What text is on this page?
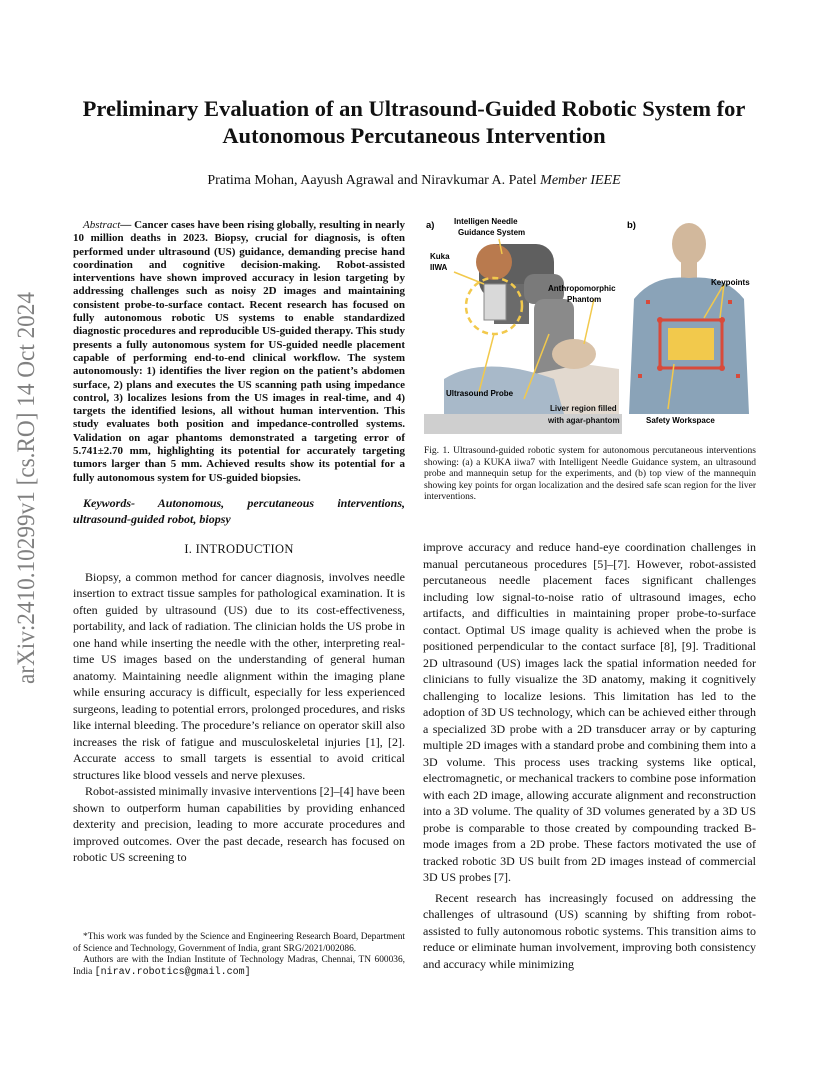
arXiv:2410.10299v1 [cs.RO] 14 Oct 2024
Preliminary Evaluation of an Ultrasound-Guided Robotic System for
Autonomous Percutaneous Intervention
Pratima Mohan, Aayush Agrawal and Niravkumar A. Patel Member IEEE

Abstract— Cancer cases have been rising globally, resulting in nearly 10 million deaths in 2023. Biopsy, crucial for diagnosis, is often performed under ultrasound (US) guidance, demanding precise hand coordination and cognitive decision-making. Robot-assisted interventions have shown improved accuracy in lesion targeting by addressing challenges such as noisy 2D images and maintaining consistent probe-to-surface contact. Recent research has focused on fully autonomous robotic US systems to enable standardized diagnostic procedures and reproducible US-guided therapy. This study presents a fully autonomous system for US-guided needle placement capable of performing end-to-end clinical workflow. The system autonomously: 1) identifies the liver region on the patient’s abdomen surface, 2) plans and executes the US scanning path using impedance control, 3) localizes lesions from the US images in real-time, and 4) targets the identified lesions, all without human intervention. This study evaluates both position and impedance-controlled systems. Validation on agar phantoms demonstrated a targeting error of 5.741±2.70 mm, highlighting its potential for accurately targeting tumors larger than 5 mm. Achieved results show its potential for a fully autonomous system for US-guided biopsies.

Keywords- Autonomous, percutaneous interventions, ultrasound-guided robot, biopsy

I. INTRODUCTION

Biopsy, a common method for cancer diagnosis, involves needle insertion to extract tissue samples for pathological examination. It is often guided by ultrasound (US) due to its cost-effectiveness, portability, and lack of radiation. The clinician holds the US probe in one hand while inserting the needle with the other, interpreting real-time US images based on the understanding of general human anatomy. Maintaining needle alignment within the imaging plane while ensuring accuracy is difficult, especially for less experienced surgeons, leading to potential errors, prolonged procedures, and risks like internal bleeding. The procedure’s reliance on operator skill also increases the risk of fatigue and musculoskeletal injuries [1], [2]. Accurate access to small targets is essential to avoid critical structures like blood vessels and nerve plexuses.

Robot-assisted minimally invasive interventions [2]–[4] have been shown to outperform human capabilities by providing enhanced dexterity and precision, leading to more accurate procedures and improved outcomes. Over the past decade, research has focused on robotic US screening to

*This work was funded by the Science and Engineering Research Board, Department of Science and Technology, Government of India, grant SRG/2021/002086.

Authors are with the Indian Institute of Technology Madras, Chennai, TN 600036, India [nirav.robotics@gmail.com]

a) Intelligen Needle
Guidance System
Kuka
IIWA
Anthropomorphic
Phantom
Ultrasound Probe
Liver region filled
with agar-phantom
b)
Keypoints
Safety Workspace
Fig. 1. Ultrasound-guided robotic system for autonomous percutaneous interventions showing: (a) a KUKA iiwa7 with Intelligent Needle Guidance system, an ultrasound probe and mannequin setup for the experiments, and (b) top view of the mannequin showing key points for organ localization and the desired safe scan region for the liver interventions.

improve accuracy and reduce hand-eye coordination challenges in manual percutaneous procedures [5]–[7]. However, robot-assisted percutaneous needle placement faces significant challenges including low signal-to-noise ratio of ultrasound images, echo artifacts, and difficulties in maintaining proper probe-to-surface contact. Optimal US image quality is achieved when the probe is positioned perpendicular to the contact surface [8], [9]. Traditional 2D ultrasound (US) images lack the spatial information needed for clinicians to fully visualize the 3D anatomy, making it cognitively challenging to localize lesions. This limitation has led to the adoption of 3D US technology, which can be achieved either through a specialized 3D probe with a 2D transducer array or by capturing multiple 2D images with a standard probe and combining them into a 3D volume. This process uses tracking systems like optical, electromagnetic, or mechanical trackers to combine pose information with each 2D image, allowing accurate alignment and reconstruction into a 3D volume. The quality of 3D volumes generated by a 3D US probe is comparable to those created by compounding tracked B-mode images from a 2D probe. These factors motivated the use of tracked robotic 3D US built from 2D images instead of commercial 3D US probes [7].

Recent research has increasingly focused on addressing the challenges of ultrasound (US) scanning by shifting from robot-assisted to fully autonomous robotic systems. This transition aims to reduce or eliminate human involvement, improving both consistency and accuracy while minimizing
